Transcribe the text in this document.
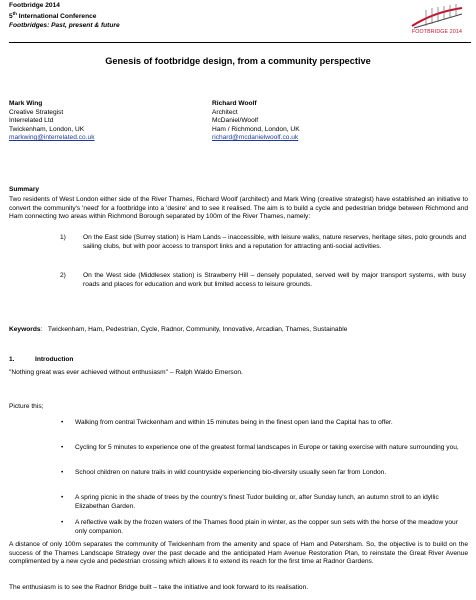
Footbridge 2014
5th International Conference
Footbridges: Past, present & future
FOOTBRIDGE 2014
Genesis of footbridge design, from a community perspective
Mark Wing
Creative Strategist
Interrelated Ltd
Twickenham, London, UK
markwing@interrelated.co.uk
Richard Woolf
Architect
McDaniel/Woolf
Ham / Richmond, London, UK
richard@mcdanielwoolf.co.uk
Summary
Two residents of West London either side of the River Thames, Richard Woolf (architect) and Mark Wing (creative strategist) have established an initiative to convert the community's 'need' for a footbridge into a 'desire' and to see it realised. The aim is to build a cycle and pedestrian bridge between Richmond and Ham connecting two areas within Richmond Borough separated by 100m of the River Thames, namely:
1)	On the East side (Surrey station) is Ham Lands – inaccessible, with leisure walks, nature reserves, heritage sites, polo grounds and sailing clubs, but with poor access to transport links and a reputation for attracting anti-social activities.
2)	On the West side (Middlesex station) is Strawberry Hill – densely populated, served well by major transport systems, with busy roads and places for education and work but limited access to leisure grounds.
Keywords:   Twickenham, Ham, Pedestrian, Cycle, Radnor, Community, Innovative, Arcadian, Thames, Sustainable
1.	Introduction
"Nothing great was ever achieved without enthusiasm" – Ralph Waldo Emerson.
Picture this;
• Walking from central Twickenham and within 15 minutes being in the finest open land the Capital has to offer.
• Cycling for 5 minutes to experience one of the greatest formal landscapes in Europe or taking exercise with nature surrounding you,
• School children on nature trails in wild countryside experiencing bio-diversity usually seen far from London.
• A spring picnic in the shade of trees by the country's finest Tudor building or, after Sunday lunch, an autumn stroll to an idyllic Elizabethan Garden.
• A reflective walk by the frozen waters of the Thames flood plain in winter, as the copper sun sets with the horse of the meadow your only companion.
A distance of only 100m separates the community of Twickenham from the amenity and space of Ham and Petersham. So, the objective is to build on the success of the Thames Landscape Strategy over the past decade and the anticipated Ham Avenue Restoration Plan, to reinstate the Great River Avenue complimented by a new cycle and pedestrian crossing which allows it to extend its reach for the first time at Radnor Gardens.
The enthusiasm is to see the Radnor Bridge built – take the initiative and look forward to its realisation.
